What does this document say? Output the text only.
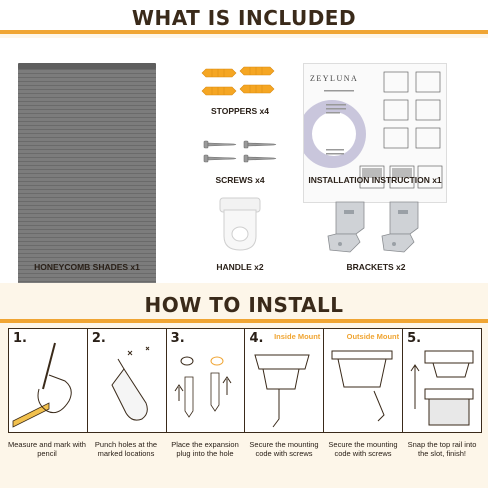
WHAT IS INCLUDED
STOPPERS x4
SCREWS x4
ZEYLUNA
INSTALLATION INSTRUCTION x1
HANDLE x2	BRACKETS x2
HONEYCOMB SHADES x1
HOW TO INSTALL
1.	2.	3.	4. Inside Mount	Outside Mount 5.
Measure and mark with pencil
Punch holes at the marked locations
Place the expansion plug into the hole
Secure the mounting code with screws
Secure the mounting code with screws
Snap the top rail into the slot, finish!
